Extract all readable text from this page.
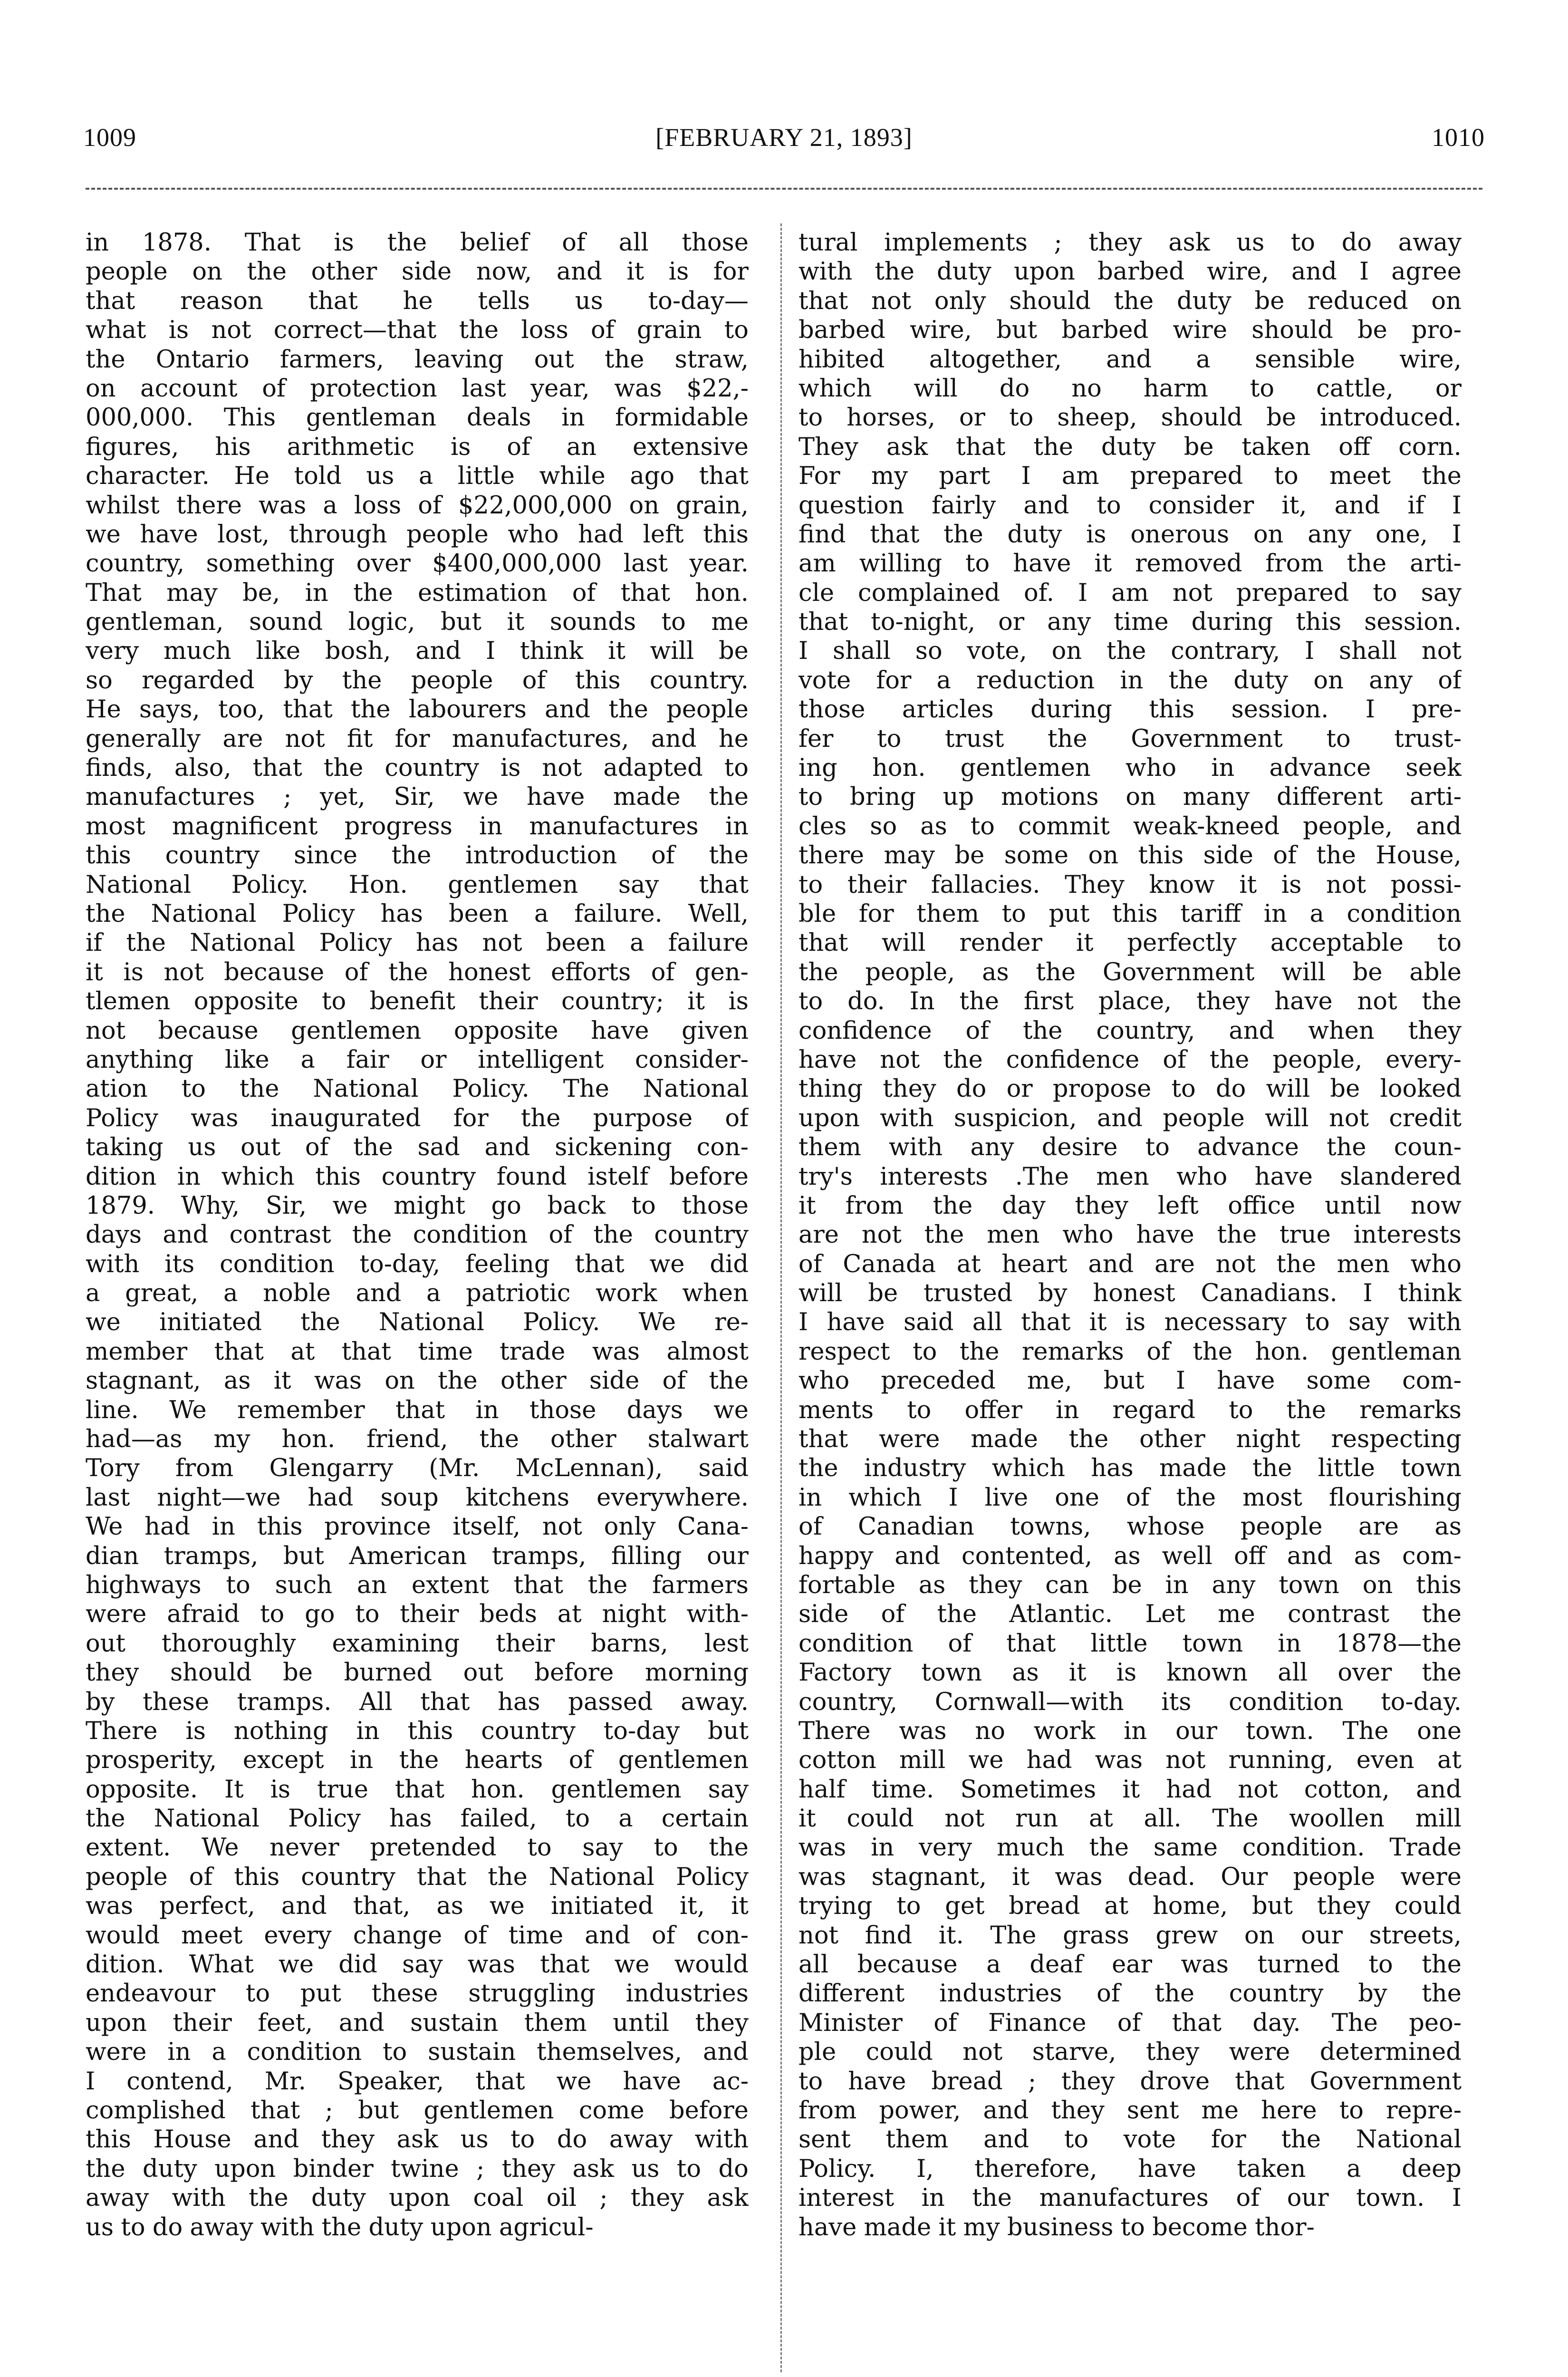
1009	[FEBRUARY 21, 1893]	1010
in 1878. That is the belief of all those
people on the other side now, and it is for
that reason that he tells us to-day—
what is not correct—that the loss of grain to
the Ontario farmers, leaving out the straw,
on account of protection last year, was $22,-
000,000. This gentleman deals in formidable
figures, his arithmetic is of an extensive
character. He told us a little while ago that
whilst there was a loss of $22,000,000 on grain,
we have lost, through people who had left this
country, something over $400,000,000 last year.
That may be, in the estimation of that hon.
gentleman, sound logic, but it sounds to me
very much like bosh, and I think it will be
so regarded by the people of this country.
He says, too, that the labourers and the people
generally are not fit for manufactures, and he
finds, also, that the country is not adapted to
manufactures ; yet, Sir, we have made the
most magnificent progress in manufactures in
this country since the introduction of the
National Policy. Hon. gentlemen say that
the National Policy has been a failure. Well,
if the National Policy has not been a failure
it is not because of the honest efforts of gen-
tlemen opposite to benefit their country; it is
not because gentlemen opposite have given
anything like a fair or intelligent consider-
ation to the National Policy. The National
Policy was inaugurated for the purpose of
taking us out of the sad and sickening con-
dition in which this country found istelf before
1879. Why, Sir, we might go back to those
days and contrast the condition of the country
with its condition to-day, feeling that we did
a great, a noble and a patriotic work when
we initiated the National Policy. We re-
member that at that time trade was almost
stagnant, as it was on the other side of the
line. We remember that in those days we
had—as my hon. friend, the other stalwart
Tory from Glengarry (Mr. McLennan), said
last night—we had soup kitchens everywhere.
We had in this province itself, not only Cana-
dian tramps, but American tramps, filling our
highways to such an extent that the farmers
were afraid to go to their beds at night with-
out thoroughly examining their barns, lest
they should be burned out before morning
by these tramps. All that has passed away.
There is nothing in this country to-day but
prosperity, except in the hearts of gentlemen
opposite. It is true that hon. gentlemen say
the National Policy has failed, to a certain
extent. We never pretended to say to the
people of this country that the National Policy
was perfect, and that, as we initiated it, it
would meet every change of time and of con-
dition. What we did say was that we would
endeavour to put these struggling industries
upon their feet, and sustain them until they
were in a condition to sustain themselves, and
I contend, Mr. Speaker, that we have ac-
complished that ; but gentlemen come before
this House and they ask us to do away with
the duty upon binder twine ; they ask us to do
away with the duty upon coal oil ; they ask
us to do away with the duty upon agricul-
tural implements ; they ask us to do away
with the duty upon barbed wire, and I agree
that not only should the duty be reduced on
barbed wire, but barbed wire should be pro-
hibited altogether, and a sensible wire,
which will do no harm to cattle, or
to horses, or to sheep, should be introduced.
They ask that the duty be taken off corn.
For my part I am prepared to meet the
question fairly and to consider it, and if I
find that the duty is onerous on any one, I
am willing to have it removed from the arti-
cle complained of. I am not prepared to say
that to-night, or any time during this session.
I shall so vote, on the contrary, I shall not
vote for a reduction in the duty on any of
those articles during this session. I pre-
fer to trust the Government to trust-
ing hon. gentlemen who in advance seek
to bring up motions on many different arti-
cles so as to commit weak-kneed people, and
there may be some on this side of the House,
to their fallacies. They know it is not possi-
ble for them to put this tariff in a condition
that will render it perfectly acceptable to
the people, as the Government will be able
to do. In the first place, they have not the
confidence of the country, and when they
have not the confidence of the people, every-
thing they do or propose to do will be looked
upon with suspicion, and people will not credit
them with any desire to advance the coun-
try's interests .The men who have slandered
it from the day they left office until now
are not the men who have the true interests
of Canada at heart and are not the men who
will be trusted by honest Canadians. I think
I have said all that it is necessary to say with
respect to the remarks of the hon. gentleman
who preceded me, but I have some com-
ments to offer in regard to the remarks
that were made the other night respecting
the industry which has made the little town
in which I live one of the most flourishing
of Canadian towns, whose people are as
happy and contented, as well off and as com-
fortable as they can be in any town on this
side of the Atlantic. Let me contrast the
condition of that little town in 1878—the
Factory town as it is known all over the
country, Cornwall—with its condition to-day.
There was no work in our town. The one
cotton mill we had was not running, even at
half time. Sometimes it had not cotton, and
it could not run at all. The woollen mill
was in very much the same condition. Trade
was stagnant, it was dead. Our people were
trying to get bread at home, but they could
not find it. The grass grew on our streets,
all because a deaf ear was turned to the
different industries of the country by the
Minister of Finance of that day. The peo-
ple could not starve, they were determined
to have bread ; they drove that Government
from power, and they sent me here to repre-
sent them and to vote for the National
Policy. I, therefore, have taken a deep
interest in the manufactures of our town. I
have made it my business to become thor-
